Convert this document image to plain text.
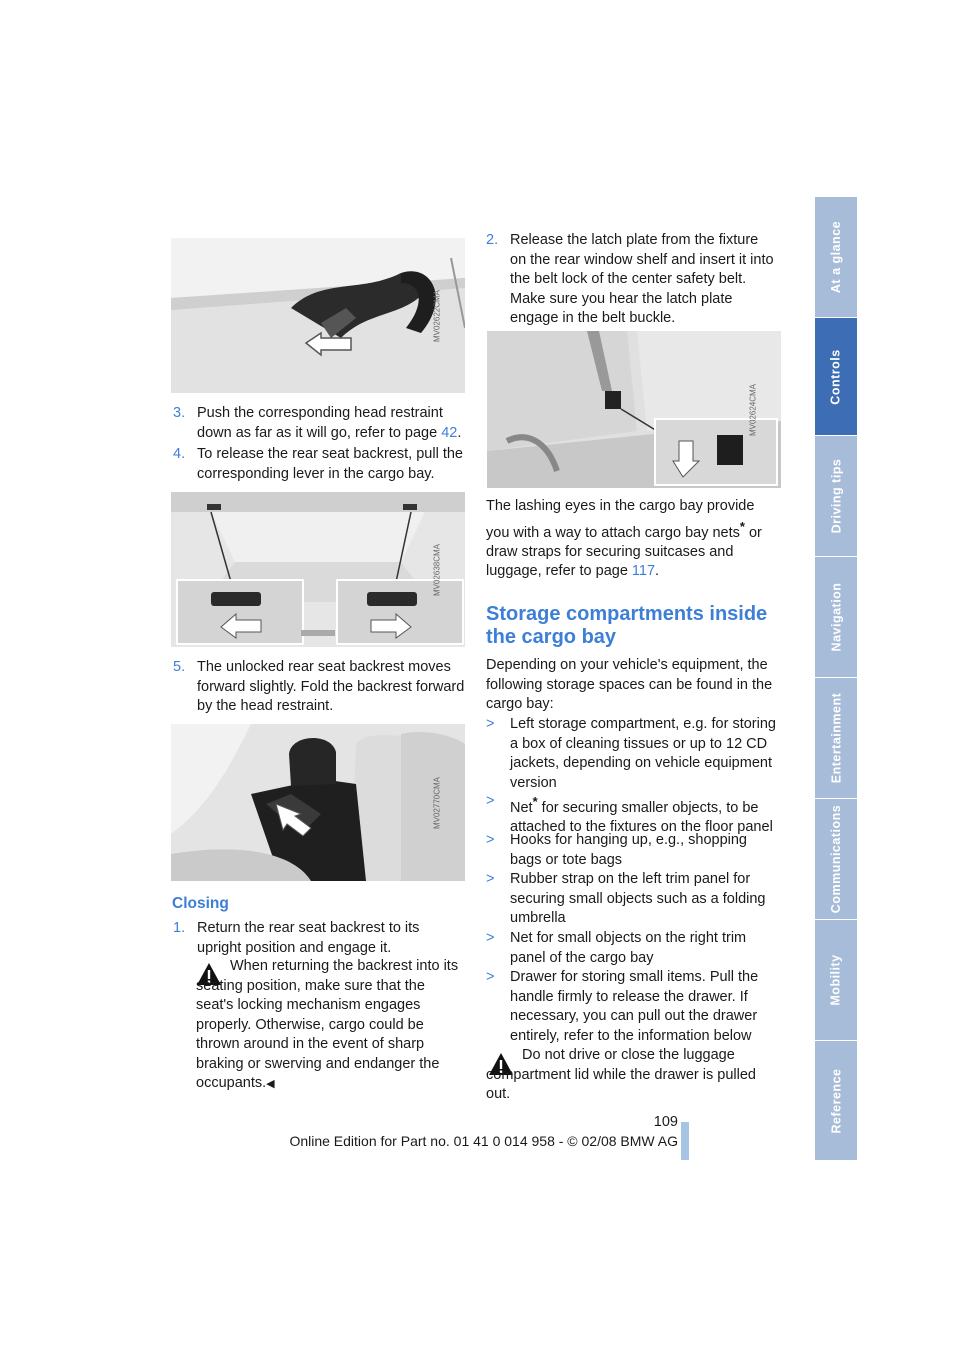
MV02622CMA
3. Push the corresponding head restraint down as far as it will go, refer to page 42.
4. To release the rear seat backrest, pull the corresponding lever in the cargo bay.
MV02638CMA
5. The unlocked rear seat backrest moves forward slightly. Fold the backrest forward by the head restraint.
MV02770CMA
Closing
1. Return the rear seat backrest to its upright position and engage it.
When returning the backrest into its seating position, make sure that the seat's locking mechanism engages properly. Otherwise, cargo could be thrown around in the event of sharp braking or swerving and endanger the occupants.◀
2. Release the latch plate from the fixture on the rear window shelf and insert it into the belt lock of the center safety belt. Make sure you hear the latch plate engage in the belt buckle.
MV02624CMA
The lashing eyes in the cargo bay provide you with a way to attach cargo bay nets* or draw straps for securing suitcases and luggage, refer to page 117.
Storage compartments inside
the cargo bay
Depending on your vehicle's equipment, the following storage spaces can be found in the cargo bay:
> Left storage compartment, e.g. for storing a box of cleaning tissues or up to 12 CD jackets, depending on vehicle equipment version
> Net* for securing smaller objects, to be attached to the fixtures on the floor panel
> Hooks for hanging up, e.g., shopping bags or tote bags
> Rubber strap on the left trim panel for securing small objects such as a folding umbrella
> Net for small objects on the right trim panel of the cargo bay
> Drawer for storing small items. Pull the handle firmly to release the drawer. If necessary, you can pull out the drawer entirely, refer to the information below
Do not drive or close the luggage compartment lid while the drawer is pulled out.
At a glance
Controls
Driving tips
Navigation
Entertainment
Communications
Mobility
Reference
109
Online Edition for Part no. 01 41 0 014 958 - © 02/08 BMW AG
